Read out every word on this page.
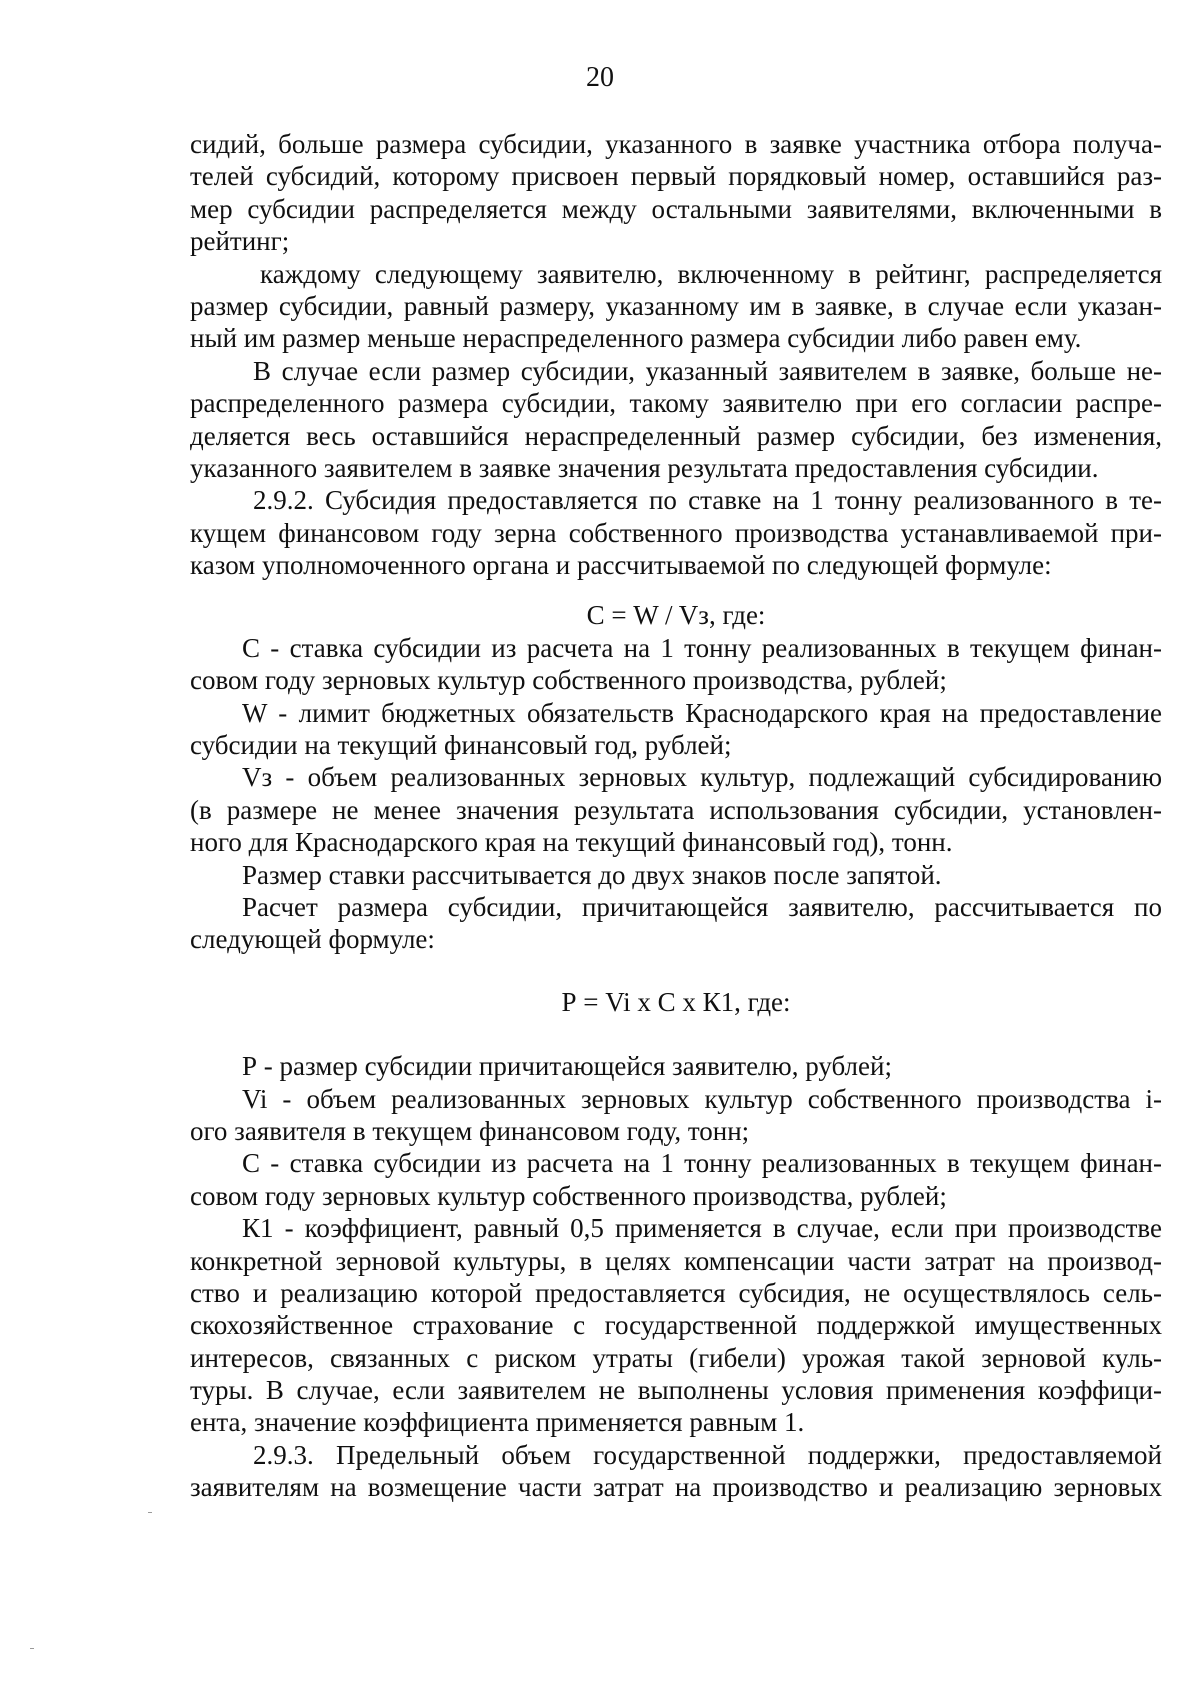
20
сидий, больше размера субсидии, указанного в заявке участника отбора получа-
телей субсидий, которому присвоен первый порядковый номер, оставшийся раз-
мер субсидии распределяется между остальными заявителями, включенными в
рейтинг;
каждому следующему заявителю, включенному в рейтинг, распределяется
размер субсидии, равный размеру, указанному им в заявке, в случае если указан-
ный им размер меньше нераспределенного размера субсидии либо равен ему.
В случае если размер субсидии, указанный заявителем в заявке, больше не-
распределенного размера субсидии, такому заявителю при его согласии распре-
деляется весь оставшийся нераспределенный размер субсидии, без изменения,
указанного заявителем в заявке значения результата предоставления субсидии.
2.9.2. Субсидия предоставляется по ставке на 1 тонну реализованного в те-
кущем финансовом году зерна собственного производства устанавливаемой при-
казом уполномоченного органа и рассчитываемой по следующей формуле:
С = W / Vз, где:
С - ставка субсидии из расчета на 1 тонну реализованных в текущем финан-
совом году зерновых культур собственного производства, рублей;
W - лимит бюджетных обязательств Краснодарского края на предоставление
субсидии на текущий финансовый год, рублей;
Vз - объем реализованных зерновых культур, подлежащий субсидированию
(в размере не менее значения результата использования субсидии, установлен-
ного для Краснодарского края на текущий финансовый год), тонн.
Размер ставки рассчитывается до двух знаков после запятой.
Расчет размера субсидии, причитающейся заявителю, рассчитывается по
следующей формуле:
Р = Vi x С x К1, где:
Р - размер субсидии причитающейся заявителю, рублей;
Vi - объем реализованных зерновых культур собственного производства i-
ого заявителя в текущем финансовом году, тонн;
С - ставка субсидии из расчета на 1 тонну реализованных в текущем финан-
совом году зерновых культур собственного производства, рублей;
К1 - коэффициент, равный 0,5 применяется в случае, если при производстве
конкретной зерновой культуры, в целях компенсации части затрат на производ-
ство и реализацию которой предоставляется субсидия, не осуществлялось сель-
скохозяйственное страхование с государственной поддержкой имущественных
интересов, связанных с риском утраты (гибели) урожая такой зерновой куль-
туры. В случае, если заявителем не выполнены условия применения коэффици-
ента, значение коэффициента применяется равным 1.
2.9.3. Предельный объем государственной поддержки, предоставляемой
заявителям на возмещение части затрат на производство и реализацию зерновых
